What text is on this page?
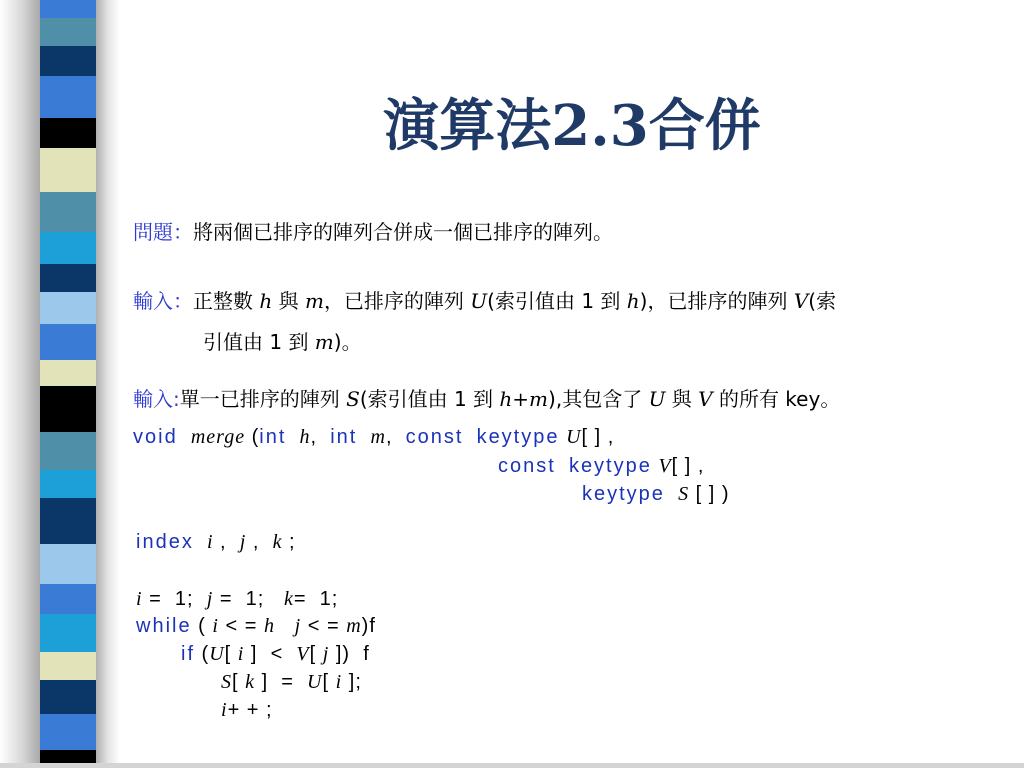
演算法2.3合併

問題：將兩個已排序的陣列合併成一個已排序的陣列。

輸入：正整數 h 與 m，已排序的陣列 U(索引值由 1 到 h)，已排序的陣列 V(索

引值由 1 到 m)。

輸入:單一已排序的陣列 S(索引值由 1 到 h+m),其包含了 U 與 V 的所有 key。

void merge (int h,  int m,  const keytype U[ ] ,
const keytype V[ ] ,
keytype S [ ] )
index i , j , k ;
i =  1;  j =  1;   k=  1;
while ( i < = h j < = m)f
if (U[ i ]  <  V[ j ])  f
S[ k ]  =  U[ i ];
i+ + ;
